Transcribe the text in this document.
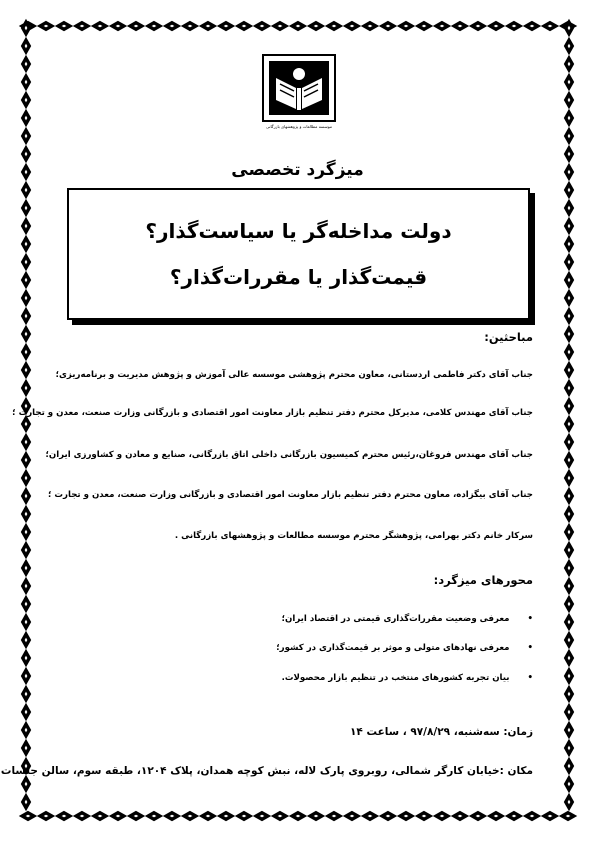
موسسه مطالعات و پژوهشهای بازرگانی
میزگرد تخصصی
دولت مداخله‌گر یا سیاست‌گذار؟
قیمت‌گذار یا مقررات‌گذار؟
مباحثین:
جناب آقای دکتر فاطمی اردستانی، معاون محترم پژوهشی موسسه عالی آموزش و پژوهش مدیریت و برنامه‌ریزی؛
جناب آقای مهندس کلامی، مدیرکل محترم دفتر تنظیم بازار معاونت امور اقتصادی و بازرگانی وزارت صنعت، معدن و تجارت ؛
جناب آقای مهندس فروغان،رئیس محترم کمیسیون بازرگانی داخلی اتاق بازرگانی، صنایع و معادن و کشاورزی ایران؛
جناب آقای بیگزاده، معاون محترم دفتر تنظیم بازار معاونت امور اقتصادی و بازرگانی وزارت صنعت، معدن و تجارت ؛
سرکار خانم دکتر بهرامی، پژوهشگر محترم موسسه مطالعات و پژوهشهای بازرگانی .
محورهای میزگرد:
•معرفی وضعیت مقررات‌گذاری قیمتی در اقتصاد ایران؛
•معرفی نهادهای متولی و موثر بر قیمت‌گذاری در کشور؛
•بیان تجربه کشورهای منتخب در تنظیم بازار محصولات.
زمان: سه‌شنبه، ۹۷/۸/۲۹ ، ساعت ۱۴
مکان :خیابان کارگر شمالی، روبروی پارک لاله، نبش کوچه همدان، پلاک ۱۲۰۴، طبقه سوم، سالن جلسات
